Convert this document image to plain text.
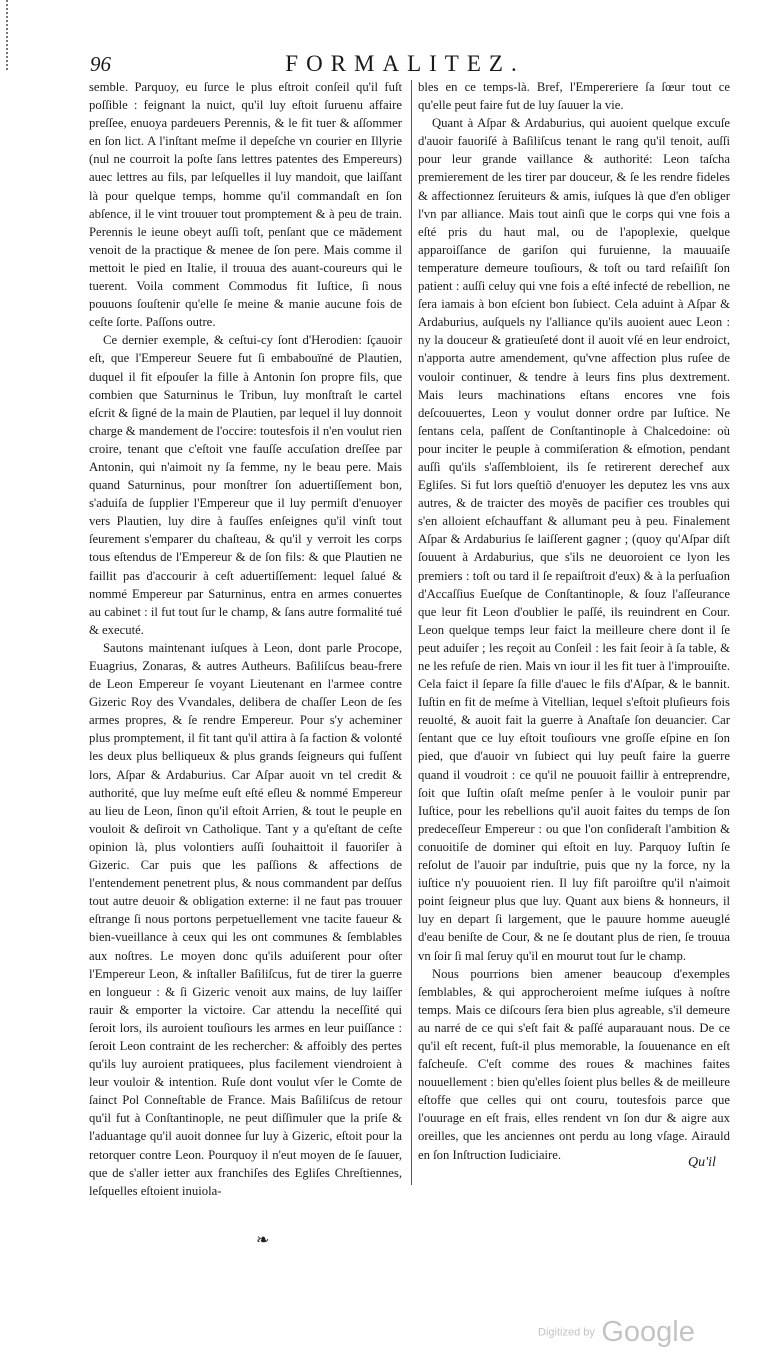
96	FORMALITEZ.

semble. Parquoy, eu ſurce le plus eſtroit conſeil qu'il fuſt poſſible : feignant la nuict, qu'il luy eſtoit ſuruenu affaire preſſee, enuoya pardeuers Perennis, & le fit tuer & aſſommer en ſon lict. A l'inſtant meſme il depeſche vn courier en Illyrie (nul ne courroit la poſte ſans lettres patentes des Empereurs) auec lettres au fils, par leſquelles il luy mandoit, que laiſſant là pour quelque temps, homme qu'il commandaſt en ſon abſence, il le vint trouuer tout promptement & à peu de train. Perennis le ieune obeyt auſſi toſt, penſant que ce mãdement venoit de la practique & menee de ſon pere. Mais comme il mettoit le pied en Italie, il trouua des auant-coureurs qui le tuerent. Voila comment Commodus fit Iuſtice, ſi nous pouuons ſouſtenir qu'elle ſe meine & manie aucune fois de ceſte ſorte. Paſſons outre.

Ce dernier exemple, & ceſtui-cy ſont d'Herodien: ſçauoir eſt, que l'Empereur Seuere fut ſi embabouïné de Plautien, duquel il fit eſpouſer la fille à Antonin ſon propre fils, que combien que Saturninus le Tribun, luy monſtraſt le cartel eſcrit & ſigné de la main de Plautien, par lequel il luy donnoit charge & mandement de l'occire: toutesfois il n'en voulut rien croire, tenant que c'eſtoit vne fauſſe accuſation dreſſee par Antonin, qui n'aimoit ny ſa femme, ny le beau pere. Mais quand Saturninus, pour monſtrer ſon aduertiſſement bon, s'aduiſa de ſupplier l'Empereur que il luy permiſt d'enuoyer vers Plautien, luy dire à fauſſes enſeignes qu'il vinſt tout ſeurement s'emparer du chaſteau, & qu'il y verroit les corps tous eſtendus de l'Empereur & de ſon fils: & que Plautien ne faillit pas d'accourir à ceſt aduertiſſement: lequel ſalué & nommé Empereur par Saturninus, entra en armes conuertes au cabinet : il fut tout ſur le champ, & ſans autre formalité tué & executé.

Sautons maintenant iuſques à Leon, dont parle Procope, Euagrius, Zonaras, & autres Autheurs. Baſiliſcus beau-frere de Leon Empereur ſe voyant Lieutenant en l'armee contre Gizeric Roy des Vvandales, delibera de chaſſer Leon de ſes armes propres, & ſe rendre Empereur. Pour s'y acheminer plus promptement, il fit tant qu'il attira à ſa faction & volonté les deux plus belliqueux & plus grands ſeigneurs qui fuſſent lors, Aſpar & Ardaburius. Car Aſpar auoit vn tel credit & authorité, que luy meſme euſt eſté eſleu & nommé Empereur au lieu de Leon, ſinon qu'il eſtoit Arrien, & tout le peuple en vouloit & deſiroit vn Catholique. Tant y a qu'eſtant de ceſte opinion là, plus volontiers auſſi ſouhaittoit il fauoriſer à Gizeric. Car puis que les paſſions & affections de l'entendement penetrent plus, & nous commandent par deſſus tout autre deuoir & obligation externe: il ne faut pas trouuer eſtrange ſi nous portons perpetuellement vne tacite faueur & bien-vueillance à ceux qui les ont communes & ſemblables aux noſtres. Le moyen donc qu'ils aduiſerent pour oſter l'Empereur Leon, & inſtaller Baſiliſcus, fut de tirer la guerre en longueur : & ſi Gizeric venoit aux mains, de luy laiſſer rauir & emporter la victoire. Car attendu la neceſſité qui ſeroit lors, ils auroient touſiours les armes en leur puiſſance : ſeroit Leon contraint de les rechercher: & affoibly des pertes qu'ils luy auroient pratiquees, plus facilement viendroient à leur vouloir & intention. Ruſe dont voulut vſer le Comte de ſainct Pol Conneſtable de France. Mais Baſiliſcus de retour qu'il fut à Conſtantinople, ne peut diſſimuler que la priſe & l'aduantage qu'il auoit donnee ſur luy à Gizeric, eſtoit pour la retorquer contre Leon. Pourquoy il n'eut moyen de ſe ſauuer, que de s'aller ietter aux franchiſes des Egliſes Chreſtiennes, leſquelles eſtoient inuiola-

bles en ce temps-là. Bref, l'Empereriere ſa ſœur tout ce qu'elle peut faire fut de luy ſauuer la vie.

Quant à Aſpar & Ardaburius, qui auoient quelque excuſe d'auoir fauoriſé à Baſiliſcus tenant le rang qu'il tenoit, auſſi pour leur grande vaillance & authorité: Leon taſcha premierement de les tirer par douceur, & ſe les rendre fideles & affectionnez ſeruiteurs & amis, iuſques là que d'en obliger l'vn par alliance. Mais tout ainſi que le corps qui vne fois a eſté pris du haut mal, ou de l'apoplexie, quelque apparoiſſance de gariſon qui furuienne, la mauuaiſe temperature demeure touſiours, & toſt ou tard reſaiſiſt ſon patient : auſſi celuy qui vne fois a eſté infecté de rebellion, ne ſera iamais à bon eſcient bon ſubiect. Cela aduint à Aſpar & Ardaburius, auſquels ny l'alliance qu'ils auoient auec Leon : ny la douceur & gratieuſeté dont il auoit vſé en leur endroict, n'apporta autre amendement, qu'vne affection plus ruſee de vouloir continuer, & tendre à leurs fins plus dextrement. Mais leurs machinations eſtans encores vne fois deſcouuertes, Leon y voulut donner ordre par Iuſtice. Ne ſentans cela, paſſent de Conſtantinople à Chalcedoine: où pour inciter le peuple à commiſeration & eſmotion, pendant auſſi qu'ils s'aſſembloient, ils ſe retirerent derechef aux Egliſes. Si fut lors queſtiõ d'enuoyer les deputez les vns aux autres, & de traicter des moyẽs de pacifier ces troubles qui s'en alloient eſchauffant & allumant peu à peu. Finalement Aſpar & Ardaburius ſe laiſſerent gagner ; (quoy qu'Aſpar diſt ſouuent à Ardaburius, que s'ils ne deuoroient ce lyon les premiers : toſt ou tard il ſe repaiſtroit d'eux) & à la perſuaſion d'Accaſſius Eueſque de Conſtantinople, & ſouz l'aſſeurance que leur fit Leon d'oublier le paſſé, ils reuindrent en Cour. Leon quelque temps leur faict la meilleure chere dont il ſe peut aduiſer ; les reçoit au Conſeil : les fait ſeoir à ſa table, & ne les refuſe de rien. Mais vn iour il les fit tuer à l'improuiſte. Cela faict il ſepare ſa fille d'auec le fils d'Aſpar, & le bannit. Iuſtin en fit de meſme à Vitellian, lequel s'eſtoit pluſieurs fois reuolté, & auoit fait la guerre à Anaſtaſe ſon deuancier. Car ſentant que ce luy eſtoit touſiours vne groſſe eſpine en ſon pied, que d'auoir vn ſubiect qui luy peuſt faire la guerre quand il voudroit : ce qu'il ne pouuoit faillir à entreprendre, ſoit que Iuſtin oſaſt meſme penſer à le vouloir punir par Iuſtice, pour les rebellions qu'il auoit faites du temps de ſon predeceſſeur Empereur : ou que l'on conſideraſt l'ambition & conuoitiſe de dominer qui eſtoit en luy. Parquoy Iuſtin ſe reſolut de l'auoir par induſtrie, puis que ny la force, ny la iuſtice n'y pouuoient rien. Il luy fiſt paroiſtre qu'il n'aimoit point ſeigneur plus que luy. Quant aux biens & honneurs, il luy en depart ſi largement, que le pauure homme aueuglé d'eau beniſte de Cour, & ne ſe doutant plus de rien, ſe trouua vn ſoir ſi mal ſeruy qu'il en mourut tout ſur le champ.

Nous pourrions bien amener beaucoup d'exemples ſemblables, & qui approcheroient meſme iuſques à noſtre temps. Mais ce diſcours ſera bien plus agreable, s'il demeure au narré de ce qui s'eſt fait & paſſé auparauant nous. De ce qu'il eſt recent, fuſt-il plus memorable, la ſouuenance en eſt faſcheuſe. C'eſt comme des roues & machines faites nouuellement : bien qu'elles ſoient plus belles & de meilleure eſtoffe que celles qui ont couru, toutesfois parce que l'ouurage en eſt frais, elles rendent vn ſon dur & aigre aux oreilles, que les anciennes ont perdu au long vſage. Airauld en ſon Inſtruction Iudiciaire.

Qu'il
❧
Digitized by Google
